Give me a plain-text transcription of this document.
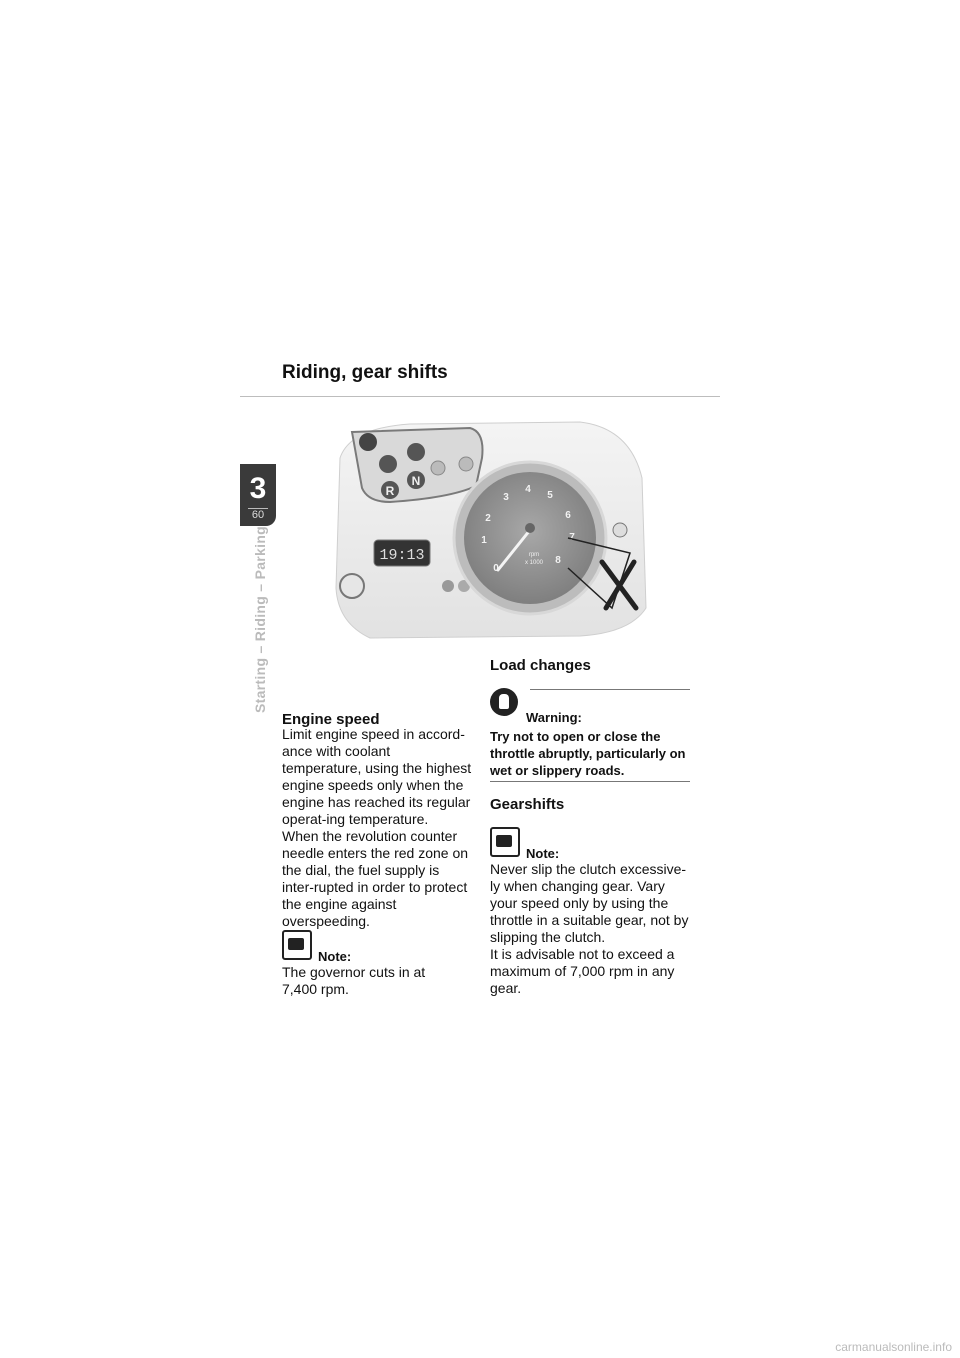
Riding, gear shifts
3
60
Starting – Riding – Parking
N
R
19:13
0
1
2
3
4
5
6
7
8
rpm
x 1000
Engine speed

Limit engine speed in accord-ance with coolant temperature, using the highest engine speeds only when the engine has reached its regular operat-ing temperature.

When the revolution counter needle enters the red zone on the dial, the fuel supply is inter-rupted in order to protect the engine against overspeeding.

Note:

The governor cuts in at

7,400 rpm.

Load changes
Warning:

Try not to open or close the throttle abruptly, particularly on wet or slippery roads.

Gearshifts
Note:

Never slip the clutch excessive-ly when changing gear. Vary your speed only by using the throttle in a suitable gear, not by slipping the clutch.

It is advisable not to exceed a maximum of 7,000 rpm in any gear.

carmanualsonline.info
